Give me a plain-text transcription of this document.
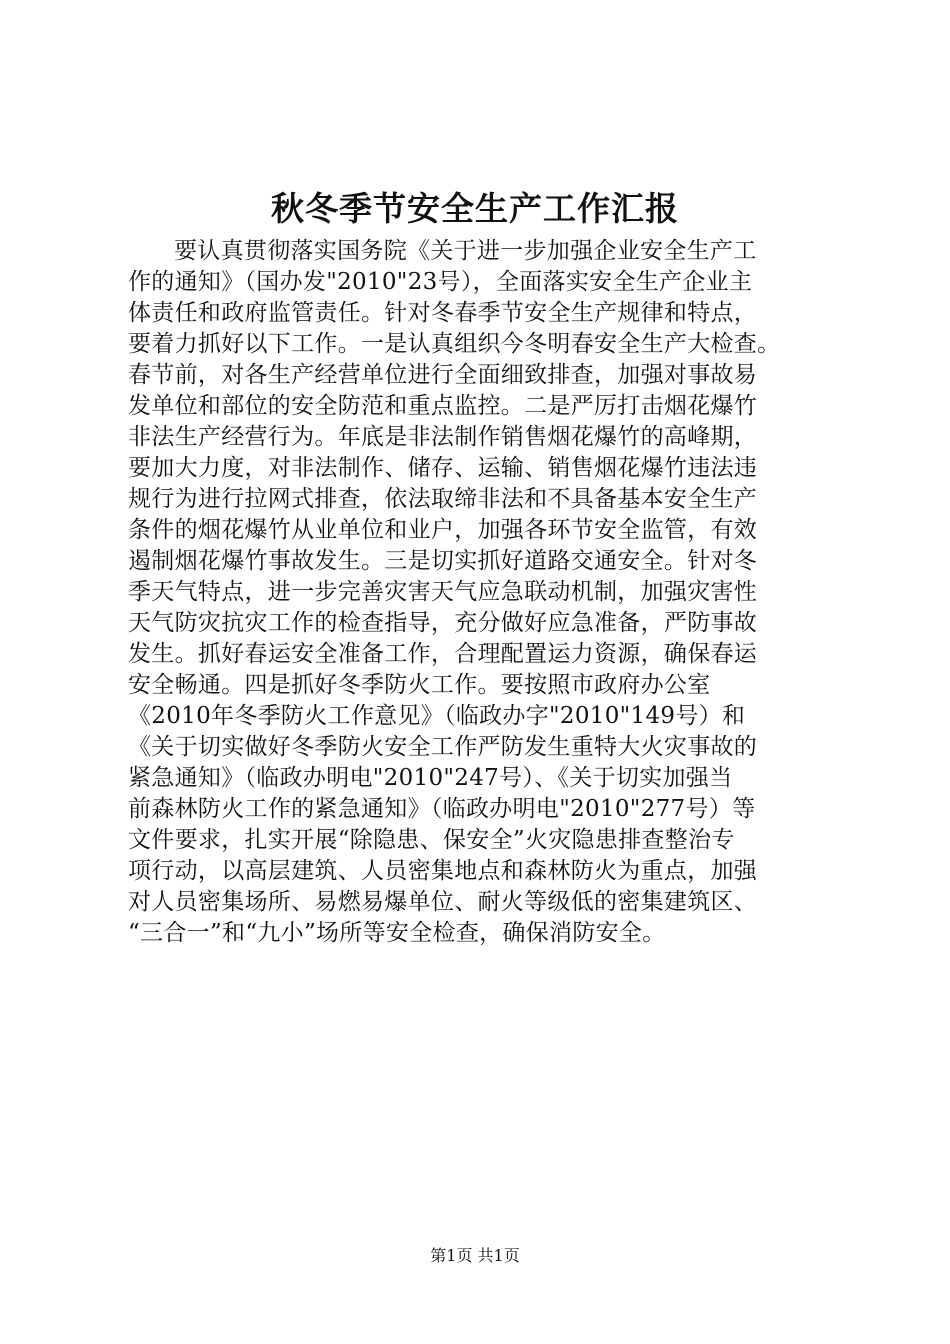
秋冬季节安全生产工作汇报
要认真贯彻落实国务院《关于进一步加强企业安全生产工
作的通知》（国办发"2010"23号），全面落实安全生产企业主
体责任和政府监管责任。针对冬春季节安全生产规律和特点，
要着力抓好以下工作。一是认真组织今冬明春安全生产大检查。
春节前，对各生产经营单位进行全面细致排查，加强对事故易
发单位和部位的安全防范和重点监控。二是严厉打击烟花爆竹
非法生产经营行为。年底是非法制作销售烟花爆竹的高峰期，
要加大力度，对非法制作、储存、运输、销售烟花爆竹违法违
规行为进行拉网式排查，依法取缔非法和不具备基本安全生产
条件的烟花爆竹从业单位和业户，加强各环节安全监管，有效
遏制烟花爆竹事故发生。三是切实抓好道路交通安全。针对冬
季天气特点，进一步完善灾害天气应急联动机制，加强灾害性
天气防灾抗灾工作的检查指导，充分做好应急准备，严防事故
发生。抓好春运安全准备工作，合理配置运力资源，确保春运
安全畅通。四是抓好冬季防火工作。要按照市政府办公室
《2010年冬季防火工作意见》（临政办字"2010"149号）和
《关于切实做好冬季防火安全工作严防发生重特大火灾事故的
紧急通知》（临政办明电"2010"247号）、《关于切实加强当
前森林防火工作的紧急通知》（临政办明电"2010"277号）等
文件要求，扎实开展“除隐患、保安全”火灾隐患排查整治专
项行动，以高层建筑、人员密集地点和森林防火为重点，加强
对人员密集场所、易燃易爆单位、耐火等级低的密集建筑区、
“三合一”和“九小”场所等安全检查，确保消防安全。
第1页 共1页
